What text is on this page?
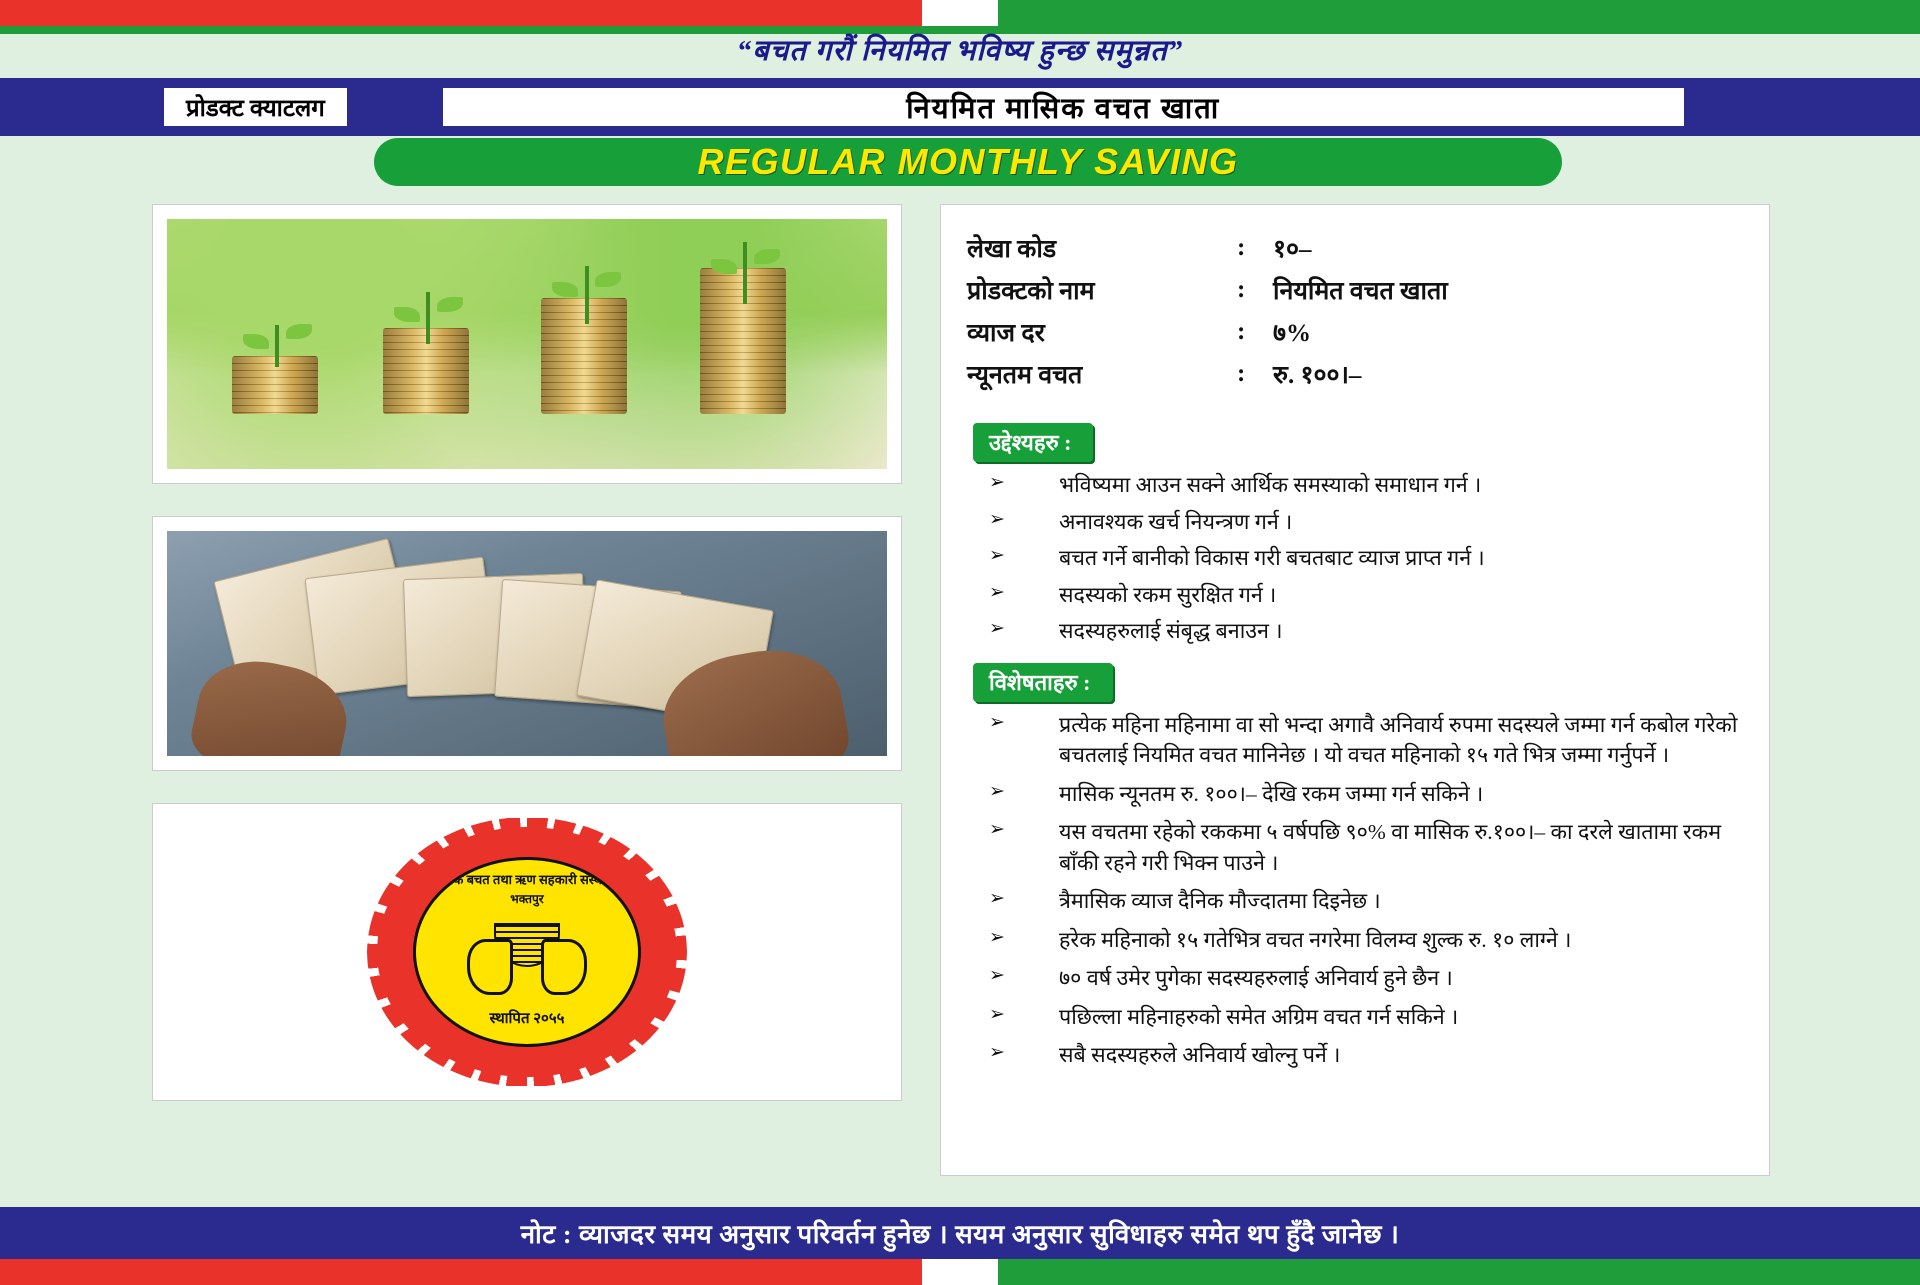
“बचत गरौं नियमित भविष्य हुन्छ समुन्नत”
प्रोडक्ट क्याटलग	नियमित मासिक वचत खाता
REGULAR MONTHLY SAVING
मासिक बचत तथा ऋण सहकारी संस्था लि.
भक्तपुर
स्थापित २०५५
लेखा कोड	:	१०–
प्रोडक्टको नाम	:	नियमित वचत खाता
व्याज दर	:	७%
न्यूनतम वचत	:	रु. १००।–
उद्देश्यहरु :
➢ भविष्यमा आउन सक्ने आर्थिक समस्याको समाधान गर्न ।
➢ अनावश्यक खर्च नियन्त्रण गर्न ।
➢ बचत गर्ने बानीको विकास गरी बचतबाट व्याज प्राप्त गर्न ।
➢ सदस्यको रकम सुरक्षित गर्न ।
➢ सदस्यहरुलाई संबृद्ध बनाउन ।
विशेषताहरु :
➢ प्रत्येक महिना महिनामा वा सो भन्दा अगावै अनिवार्य रुपमा सदस्यले जम्मा गर्न कबोल गरेको बचतलाई नियमित वचत मानिनेछ । यो वचत महिनाको १५ गते भित्र जम्मा गर्नुपर्ने ।
➢ मासिक न्यूनतम रु. १००।– देखि रकम जम्मा गर्न सकिने ।
➢ यस वचतमा रहेको रककमा ५ वर्षपछि ९०% वा मासिक रु.१००।– का दरले खातामा रकम बाँकी रहने गरी भिक्न पाउने ।
➢ त्रैमासिक व्याज दैनिक मौज्दातमा दिइनेछ ।
➢ हरेक महिनाको १५ गतेभित्र वचत नगरेमा विलम्व शुल्क रु. १० लाग्ने ।
➢ ७० वर्ष उमेर पुगेका सदस्यहरुलाई अनिवार्य हुने छैन ।
➢ पछिल्ला महिनाहरुको समेत अग्रिम वचत गर्न सकिने ।
➢ सबै सदस्यहरुले अनिवार्य खोल्नु पर्ने ।
नोट : व्याजदर समय अनुसार परिवर्तन हुनेछ । सयम अनुसार सुविधाहरु समेत थप हुँदै जानेछ ।
